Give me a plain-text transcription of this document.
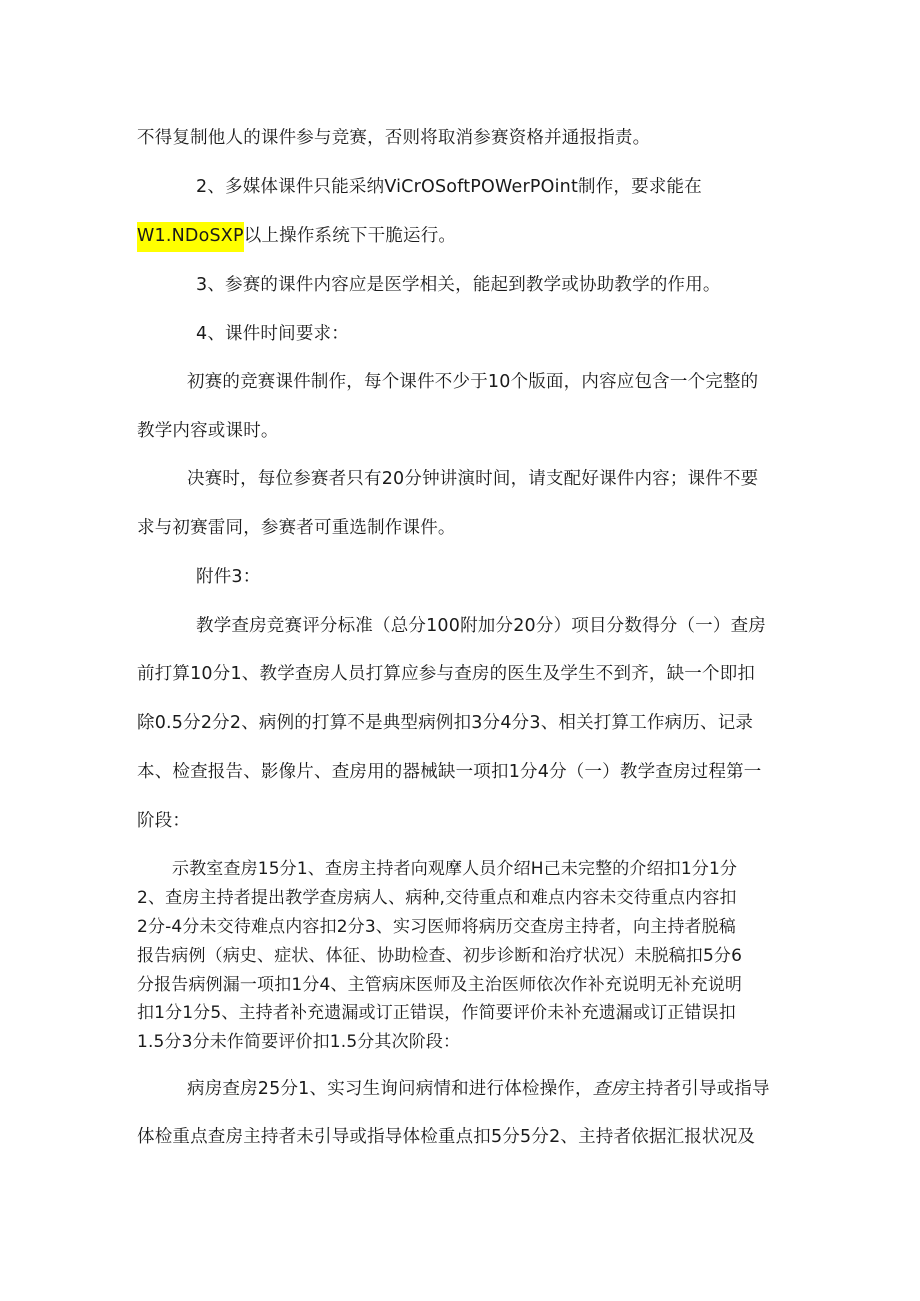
不得复制他人的课件参与竞赛，否则将取消参赛资格并通报指责。
2、多媒体课件只能采纳ViCrOSoftPOWerPOint制作，要求能在
W1.NDoSXP以上操作系统下干脆运行。
3、参赛的课件内容应是医学相关，能起到教学或协助教学的作用。
4、课件时间要求：
初赛的竞赛课件制作，每个课件不少于10个版面，内容应包含一个完整的
教学内容或课时。
决赛时，每位参赛者只有20分钟讲演时间，请支配好课件内容；课件不要
求与初赛雷同，参赛者可重选制作课件。
附件3：
教学查房竞赛评分标准（总分100附加分20分）项目分数得分（一）查房
前打算10分1、教学查房人员打算应参与查房的医生及学生不到齐，缺一个即扣
除0.5分2分2、病例的打算不是典型病例扣3分4分3、相关打算工作病历、记录
本、检查报告、影像片、查房用的器械缺一项扣1分4分（一）教学查房过程第一
阶段：
示教室查房15分1、查房主持者向观摩人员介绍H己未完整的介绍扣1分1分
2、查房主持者提出教学查房病人、病种,交待重点和难点内容未交待重点内容扣
2分-4分未交待难点内容扣2分3、实习医师将病历交查房主持者，向主持者脱稿
报告病例（病史、症状、体征、协助检查、初步诊断和治疗状况）未脱稿扣5分6
分报告病例漏一项扣1分4、主管病床医师及主治医师依次作补充说明无补充说明
扣1分1分5、主持者补充遗漏或订正错误，作简要评价未补充遗漏或订正错误扣
1.5分3分未作简要评价扣1.5分其次阶段：
病房查房25分1、实习生询问病情和进行体检操作，查房主持者引导或指导
体检重点查房主持者未引导或指导体检重点扣5分5分2、主持者依据汇报状况及
